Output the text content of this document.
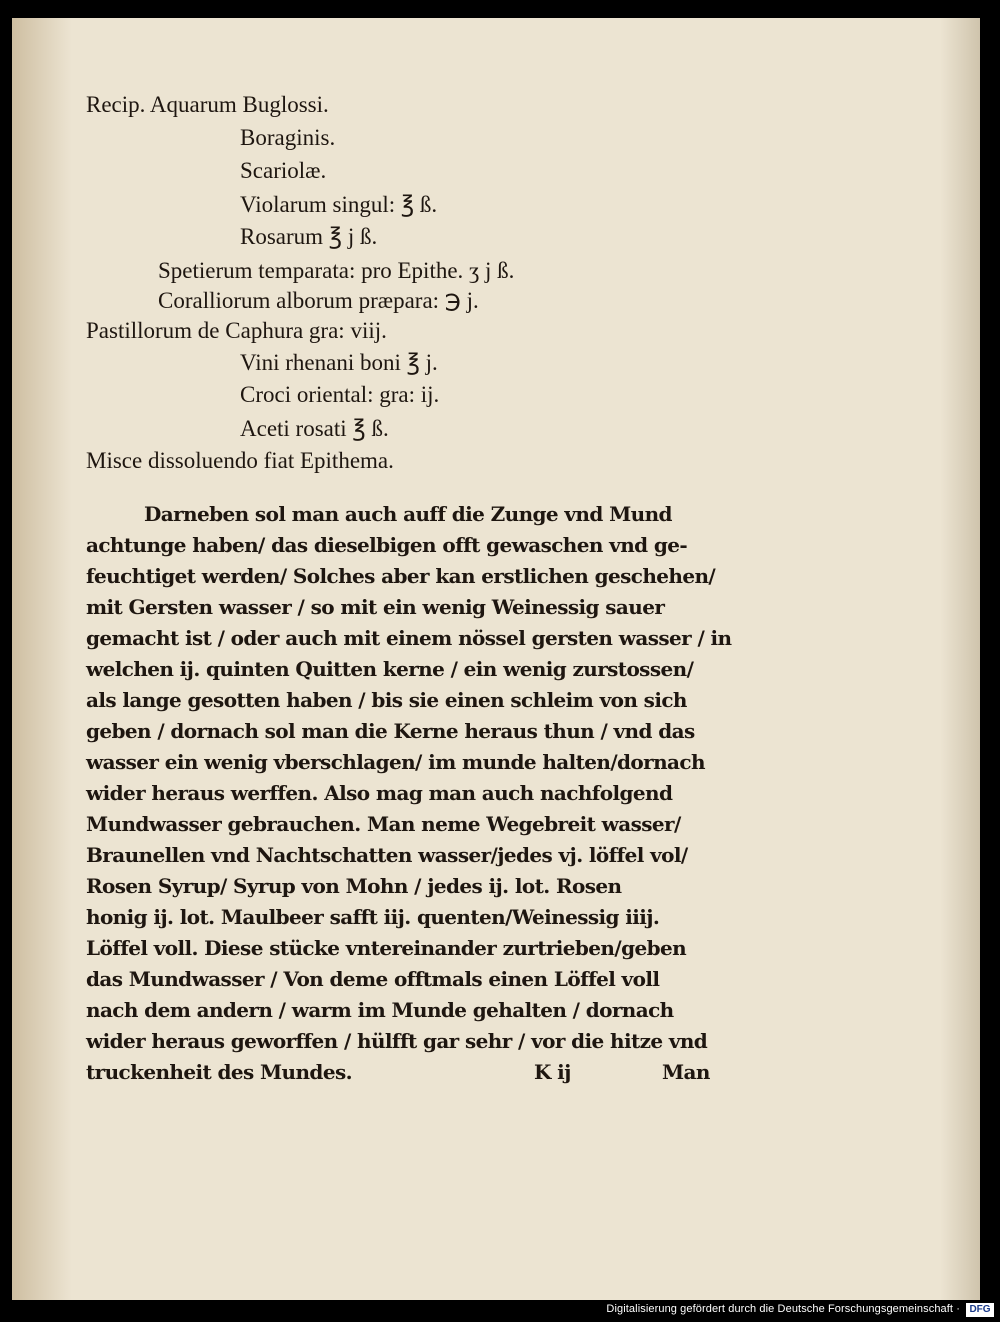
Recip. Aquarum Buglossi.
Boraginis.
Scariolæ.
Violarum singul: ℥ ß.
Rosarum ℥ j ß.
Spetierum temparata: pro Epithe. ʒ j ß.
Coralliorum alborum præpara: ℈ j.
Pastillorum de Caphura gra: viij.
Vini rhenani boni ℥ j.
Croci oriental: gra: ij.
Aceti rosati ℥ ß.
Misce dissoluendo fiat Epithema.
Darneben sol man auch auff die Zunge vnd Mund
achtunge haben/ das dieselbigen offt gewaschen vnd ge-
feuchtiget werden/ Solches aber kan erstlichen geschehen/
mit Gersten wasser / so mit ein wenig Weinessig sauer
gemacht ist / oder auch mit einem nössel gersten wasser / in
welchen ij. quinten Quitten kerne / ein wenig zurstossen/
als lange gesotten haben / bis sie einen schleim von sich
geben / dornach sol man die Kerne heraus thun / vnd das
wasser ein wenig vberschlagen/ im munde halten/dornach
wider heraus werffen. Also mag man auch nachfolgend
Mundwasser gebrauchen. Man neme Wegebreit wasser/
Braunellen vnd Nachtschatten wasser/jedes vj. löffel vol/
Rosen Syrup/ Syrup von Mohn / jedes ij. lot. Rosen
honig ij. lot. Maulbeer safft iij. quenten/Weinessig iiij.
Löffel voll. Diese stücke vntereinander zurtrieben/geben
das Mundwasser / Von deme offtmals einen Löffel voll
nach dem andern / warm im Munde gehalten / dornach
wider heraus geworffen / hülfft gar sehr / vor die hitze vnd
truckenheit des Mundes.	K ij	Man
Digitalisierung gefördert durch die Deutsche Forschungsgemeinschaft · DFG
